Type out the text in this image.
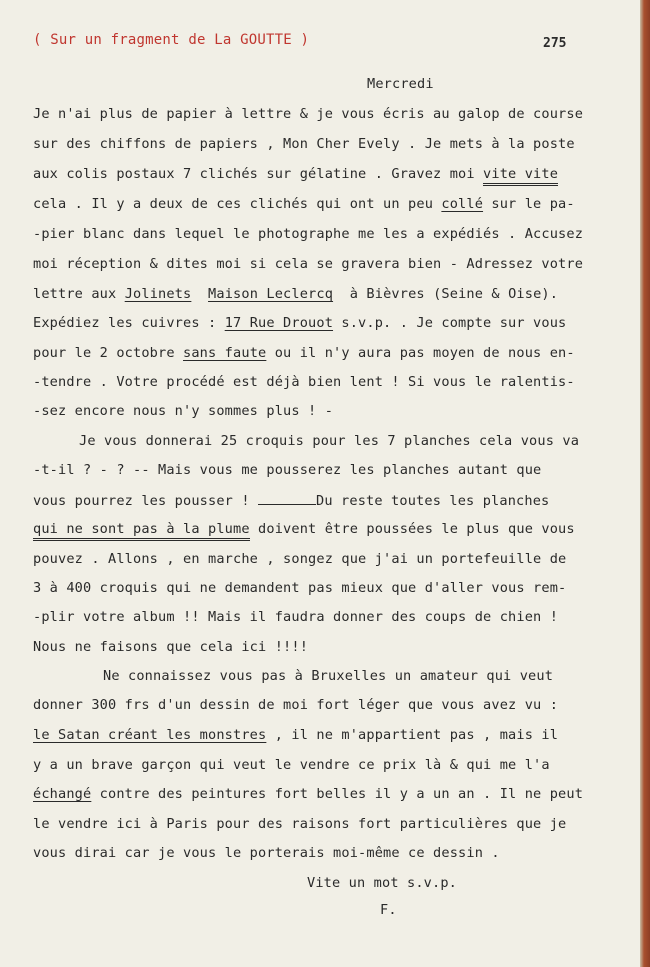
( Sur un fragment de La GOUTTE )	275
Mercredi
Je n'ai plus de papier à lettre & je vous écris au galop de course
sur des chiffons de papiers , Mon Cher Evely . Je mets à la poste
aux colis postaux 7 clichés sur gélatine . Gravez moi vite vite
cela . Il y a deux de ces clichés qui ont un peu collé sur le pa-
-pier blanc dans lequel le photographe me les a expédiés . Accusez
moi réception & dites moi si cela se gravera bien - Adressez votre
lettre aux Jolinets Maison Leclercq à Bièvres (Seine & Oise).
Expédiez les cuivres : 17 Rue Drouot s.v.p. . Je compte sur vous
pour le 2 octobre sans faute ou il n'y aura pas moyen de nous en-
-tendre . Votre procédé est déjà bien lent ! Si vous le ralentis-
-sez encore nous n'y sommes plus ! -
Je vous donnerai 25 croquis pour les 7 planches cela vous va
-t-il ? - ? -- Mais vous me pousserez les planches autant que
vous pourrez les pousser !	Du reste toutes les planches
qui ne sont pas à la plume doivent être poussées le plus que vous
pouvez . Allons , en marche , songez que j'ai un portefeuille de
3 à 400 croquis qui ne demandent pas mieux que d'aller vous rem-
-plir votre album !! Mais il faudra donner des coups de chien !
Nous ne faisons que cela ici !!!!
Ne connaissez vous pas à Bruxelles un amateur qui veut
donner 300 frs d'un dessin de moi fort léger que vous avez vu :
le Satan créant les monstres , il ne m'appartient pas , mais il
y a un brave garçon qui veut le vendre ce prix là & qui me l'a
échangé contre des peintures fort belles il y a un an . Il ne peut
le vendre ici à Paris pour des raisons fort particulières que je
vous dirai car je vous le porterais moi-même ce dessin .
Vite un mot s.v.p.
F.
